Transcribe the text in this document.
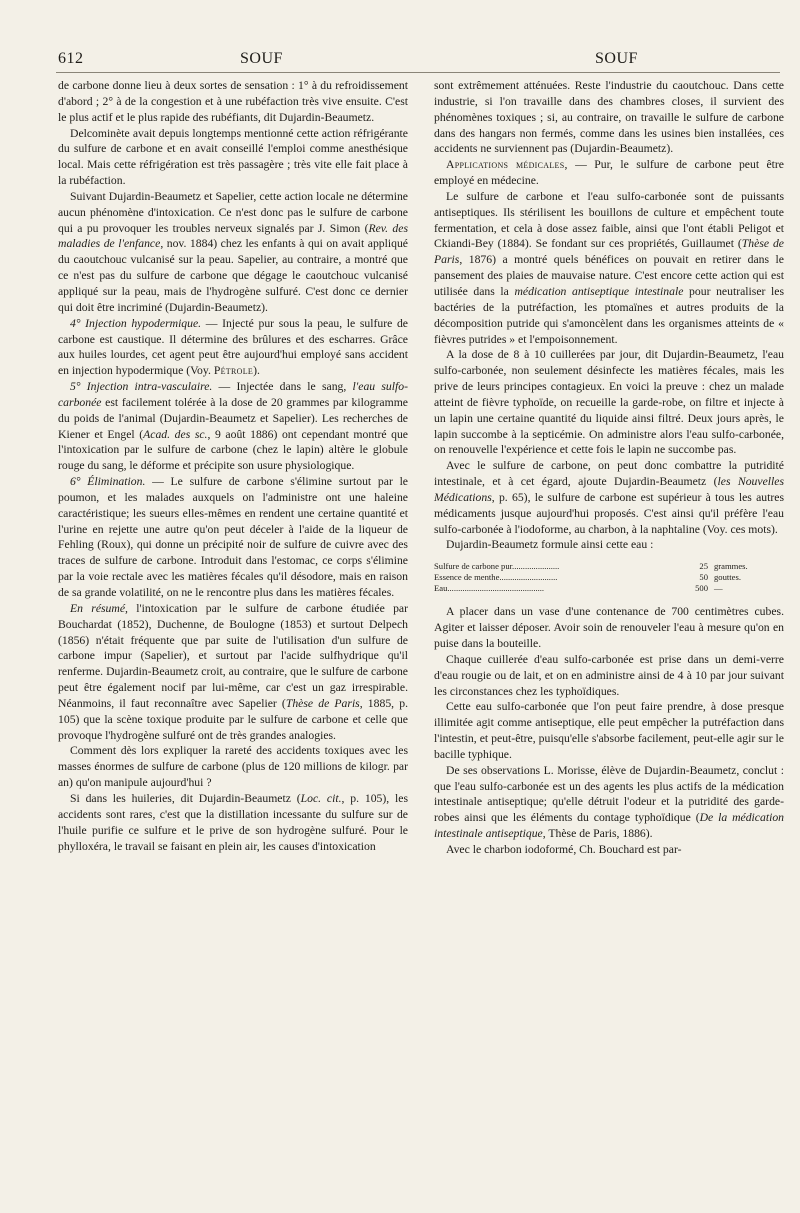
612	SOUF	SOUF

de carbone donne lieu à deux sortes de sensation : 1° à du refroidissement d'abord ; 2° à de la congestion et à une rubéfaction très vive ensuite. C'est le plus actif et le plus rapide des rubéfiants, dit Dujardin-Beaumetz.

Delcominète avait depuis longtemps mentionné cette action réfrigérante du sulfure de carbone et en avait conseillé l'emploi comme anesthésique local. Mais cette réfrigération est très passagère ; très vite elle fait place à la rubéfaction.

Suivant Dujardin-Beaumetz et Sapelier, cette action locale ne détermine aucun phénomène d'intoxication. Ce n'est donc pas le sulfure de carbone qui a pu provoquer les troubles nerveux signalés par J. Simon (Rev. des maladies de l'enfance, nov. 1884) chez les enfants à qui on avait appliqué du caoutchouc vulcanisé sur la peau. Sapelier, au contraire, a montré que ce n'est pas du sulfure de carbone que dégage le caoutchouc vulcanisé appliqué sur la peau, mais de l'hydrogène sulfuré. C'est donc ce dernier qui doit être incriminé (Dujardin-Beaumetz).

4° Injection hypodermique. — Injecté pur sous la peau, le sulfure de carbone est caustique. Il détermine des brûlures et des escharres. Grâce aux huiles lourdes, cet agent peut être aujourd'hui employé sans accident en injection hypodermique (Voy. Pétrole).

5° Injection intra-vasculaire. — Injectée dans le sang, l'eau sulfo-carbonée est facilement tolérée à la dose de 20 grammes par kilogramme du poids de l'animal (Dujardin-Beaumetz et Sapelier). Les recherches de Kiener et Engel (Acad. des sc., 9 août 1886) ont cependant montré que l'intoxication par le sulfure de carbone (chez le lapin) altère le globule rouge du sang, le déforme et précipite son usure physiologique.

6° Élimination. — Le sulfure de carbone s'élimine surtout par le poumon, et les malades auxquels on l'administre ont une haleine caractéristique; les sueurs elles-mêmes en rendent une certaine quantité et l'urine en rejette une autre qu'on peut déceler à l'aide de la liqueur de Fehling (Roux), qui donne un précipité noir de sulfure de cuivre avec des traces de sulfure de carbone. Introduit dans l'estomac, ce corps s'élimine par la voie rectale avec les matières fécales qu'il désodore, mais en raison de sa grande volatilité, on ne le rencontre plus dans les matières fécales.

En résumé, l'intoxication par le sulfure de carbone étudiée par Bouchardat (1852), Duchenne, de Boulogne (1853) et surtout Delpech (1856) n'était fréquente que par suite de l'utilisation d'un sulfure de carbone impur (Sapelier), et surtout par l'acide sulfhydrique qu'il renferme. Dujardin-Beaumetz croit, au contraire, que le sulfure de carbone peut être également nocif par lui-même, car c'est un gaz irrespirable. Néanmoins, il faut reconnaître avec Sapelier (Thèse de Paris, 1885, p. 105) que la scène toxique produite par le sulfure de carbone et celle que provoque l'hydrogène sulfuré ont de très grandes analogies.

Comment dès lors expliquer la rareté des accidents toxiques avec les masses énormes de sulfure de carbone (plus de 120 millions de kilogr. par an) qu'on manipule aujourd'hui ?

Si dans les huileries, dit Dujardin-Beaumetz (Loc. cit., p. 105), les accidents sont rares, c'est que la distillation incessante du sulfure sur de l'huile purifie ce sulfure et le prive de son hydrogène sulfuré. Pour le phylloxéra, le travail se faisant en plein air, les causes d'intoxication

sont extrêmement atténuées. Reste l'industrie du caoutchouc. Dans cette industrie, si l'on travaille dans des chambres closes, il survient des phénomènes toxiques ; si, au contraire, on travaille le sulfure de carbone dans des hangars non fermés, comme dans les usines bien installées, ces accidents ne surviennent pas (Dujardin-Beaumetz).

Applications médicales, — Pur, le sulfure de carbone peut être employé en médecine.

Le sulfure de carbone et l'eau sulfo-carbonée sont de puissants antiseptiques. Ils stérilisent les bouillons de culture et empêchent toute fermentation, et cela à dose assez faible, ainsi que l'ont établi Peligot et Ckiandi-Bey (1884). Se fondant sur ces propriétés, Guillaumet (Thèse de Paris, 1876) a montré quels bénéfices on pouvait en retirer dans le pansement des plaies de mauvaise nature. C'est encore cette action qui est utilisée dans la médication antiseptique intestinale pour neutraliser les bactéries de la putréfaction, les ptomaïnes et autres produits de la décomposition putride qui s'amoncèlent dans les organismes atteints de « fièvres putrides » et l'empoisonnement.

A la dose de 8 à 10 cuillerées par jour, dit Dujardin-Beaumetz, l'eau sulfo-carbonée, non seulement désinfecte les matières fécales, mais les prive de leurs principes contagieux. En voici la preuve : chez un malade atteint de fièvre typhoïde, on recueille la garde-robe, on filtre et injecte à un lapin une certaine quantité du liquide ainsi filtré. Deux jours après, le lapin succombe à la septicémie. On administre alors l'eau sulfo-carbonée, on renouvelle l'expérience et cette fois le lapin ne succombe pas.

Avec le sulfure de carbone, on peut donc combattre la putridité intestinale, et à cet égard, ajoute Dujardin-Beaumetz (les Nouvelles Médications, p. 65), le sulfure de carbone est supérieur à tous les autres médicaments jusque aujourd'hui proposés. C'est ainsi qu'il préfère l'eau sulfo-carbonée à l'iodoforme, au charbon, à la naphtaline (Voy. ces mots).

Dujardin-Beaumetz formule ainsi cette eau :

Sulfure de carbone pur......................	25 grammes.
Essence de menthe...........................	50 gouttes.
Eau.............................................	500 —

A placer dans un vase d'une contenance de 700 centimètres cubes. Agiter et laisser déposer. Avoir soin de renouveler l'eau à mesure qu'on en puise dans la bouteille.

Chaque cuillerée d'eau sulfo-carbonée est prise dans un demi-verre d'eau rougie ou de lait, et on en administre ainsi de 4 à 10 par jour suivant les circonstances chez les typhoïdiques.

Cette eau sulfo-carbonée que l'on peut faire prendre, à dose presque illimitée agit comme antiseptique, elle peut empêcher la putréfaction dans l'intestin, et peut-être, puisqu'elle s'absorbe facilement, peut-elle agir sur le bacille typhique.

De ses observations L. Morisse, élève de Dujardin-Beaumetz, conclut : que l'eau sulfo-carbonée est un des agents les plus actifs de la médication intestinale antiseptique; qu'elle détruit l'odeur et la putridité des garde-robes ainsi que les éléments du contage typhoïdique (De la médication intestinale antiseptique, Thèse de Paris, 1886).

Avec le charbon iodoformé, Ch. Bouchard est par-
